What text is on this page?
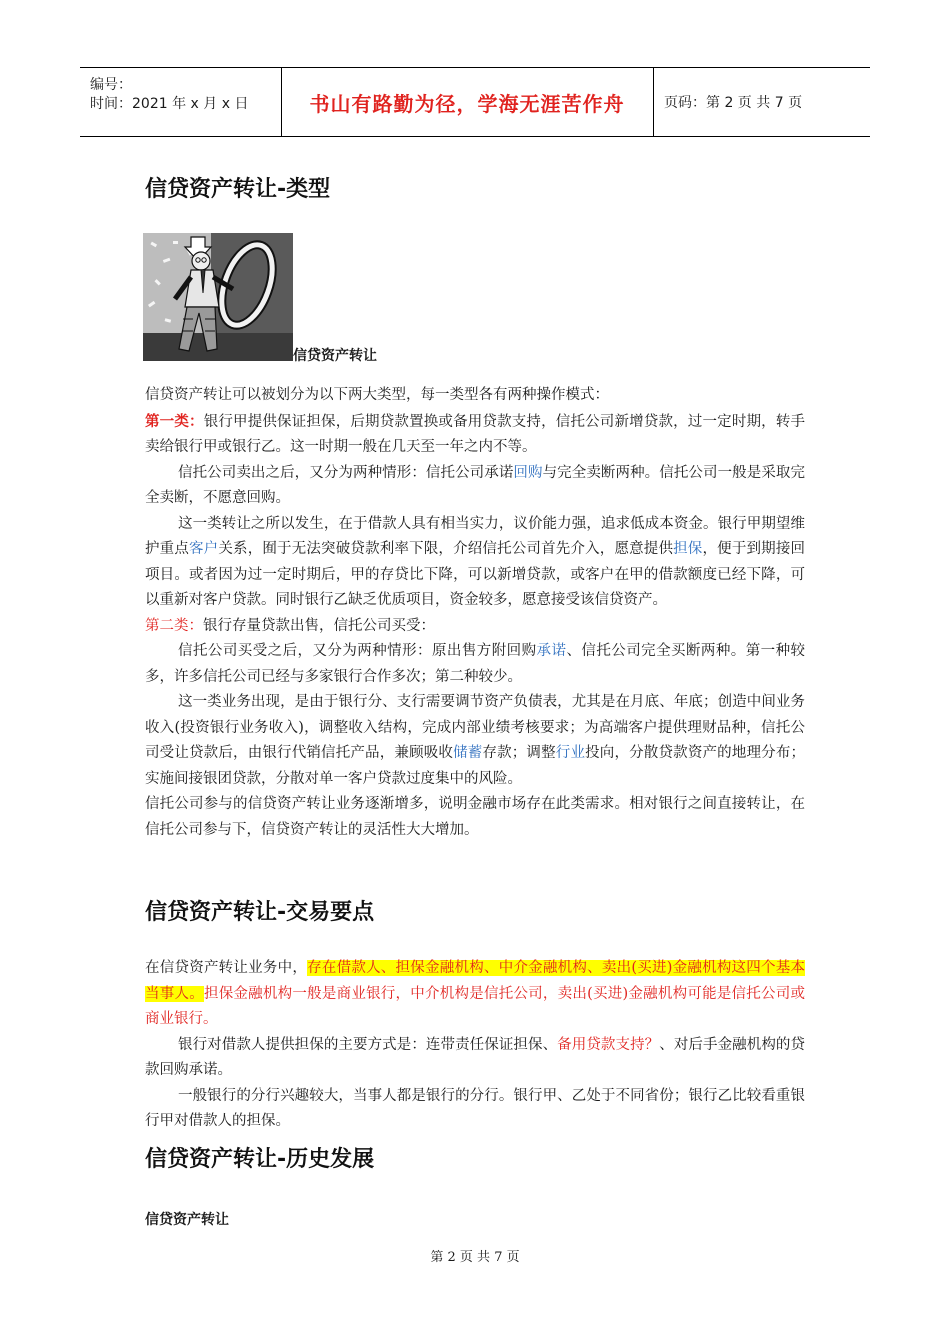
编号：
时间：2021 年 x 月 x 日	书山有路勤为径，学海无涯苦作舟	页码：第 2 页 共 7 页
信贷资产转让-类型
信贷资产转让

信贷资产转让可以被划分为以下两大类型，每一类型各有两种操作模式：

第一类：银行甲提供保证担保，后期贷款置换或备用贷款支持，信托公司新增贷款，过一定时期，转手卖给银行甲或银行乙。这一时期一般在几天至一年之内不等。

信托公司卖出之后，又分为两种情形：信托公司承诺回购与完全卖断两种。信托公司一般是采取完全卖断，不愿意回购。

这一类转让之所以发生，在于借款人具有相当实力，议价能力强，追求低成本资金。银行甲期望维护重点客户关系，囿于无法突破贷款利率下限，介绍信托公司首先介入，愿意提供担保，便于到期接回项目。或者因为过一定时期后，甲的存贷比下降，可以新增贷款，或客户在甲的借款额度已经下降，可以重新对客户贷款。同时银行乙缺乏优质项目，资金较多，愿意接受该信贷资产。

第二类：银行存量贷款出售，信托公司买受：

信托公司买受之后，又分为两种情形：原出售方附回购承诺、信托公司完全买断两种。第一种较多，许多信托公司已经与多家银行合作多次；第二种较少。

这一类业务出现，是由于银行分、支行需要调节资产负债表，尤其是在月底、年底；创造中间业务收入(投资银行业务收入)，调整收入结构，完成内部业绩考核要求；为高端客户提供理财品种，信托公司受让贷款后，由银行代销信托产品，兼顾吸收储蓄存款；调整行业投向，分散贷款资产的地理分布；实施间接银团贷款，分散对单一客户贷款过度集中的风险。

信托公司参与的信贷资产转让业务逐渐增多，说明金融市场存在此类需求。相对银行之间直接转让，在信托公司参与下，信贷资产转让的灵活性大大增加。

信贷资产转让-交易要点

在信贷资产转让业务中，存在借款人、担保金融机构、中介金融机构、卖出(买进)金融机构这四个基本当事人。担保金融机构一般是商业银行，中介机构是信托公司，卖出(买进)金融机构可能是信托公司或商业银行。

银行对借款人提供担保的主要方式是：连带责任保证担保、备用贷款支持？、对后手金融机构的贷款回购承诺。

一般银行的分行兴趣较大，当事人都是银行的分行。银行甲、乙处于不同省份；银行乙比较看重银行甲对借款人的担保。

信贷资产转让-历史发展
信贷资产转让
第 2 页 共 7 页
